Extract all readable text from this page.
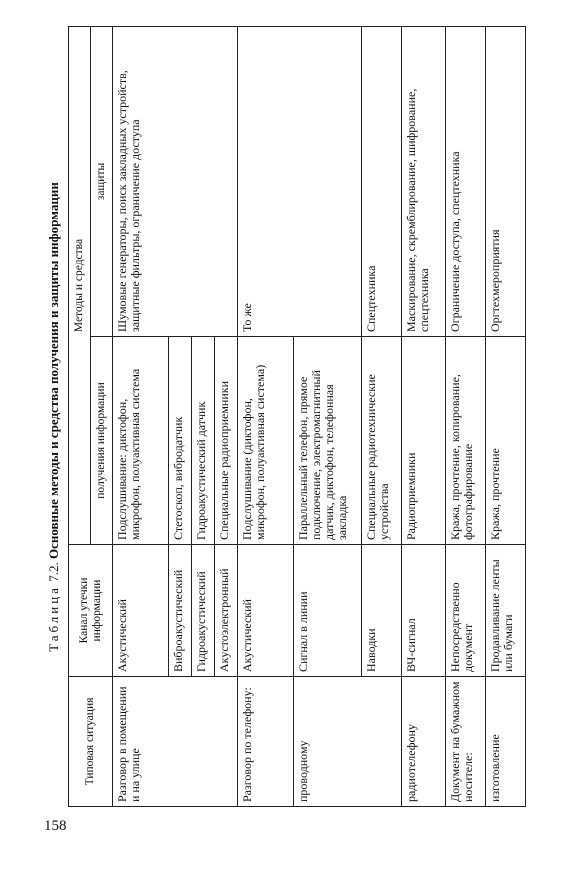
158
Таблица 7.2. Основные методы и средства получения и защиты информации
Типовая ситуация	Канал утечки информации	Методы и средства	
		получения информации	защиты
Разговор в помещении и на улице	Акустический	Подслушивание: диктофон, микрофон, полуактивная система	Шумовые генераторы, поиск закладных устройств, защитные фильтры, ограничение доступа
	Виброакустический	Стетоскоп, вибродатчик	
	Гидроакустический	Гидроакустический датчик	
	Акустоэлектронный	Специальные радиоприемники	
Разговор по телефону:	Акустический	Подслушивание (диктофон, микрофон, полуактивная система)	То же
проводному	Сигнал в линии	Параллельный телефон, прямое подключение, электромагнитный датчик, диктофон, телефонная закладка	
	Наводки	Специальные радиотехнические устройства	Спецтехника
радиотелефону	ВЧ-сигнал	Радиоприемники	Маскирование, скремблирование, шифрование, спецтехника
Документ на бумажном носителе:	Непосредственно документ	Кража, прочтение, копирование, фотографирование	Ограничение доступа, спецтехника
изготовление	Продавливание ленты или бумаги	Кража, прочтение	Оргтехмероприятия
